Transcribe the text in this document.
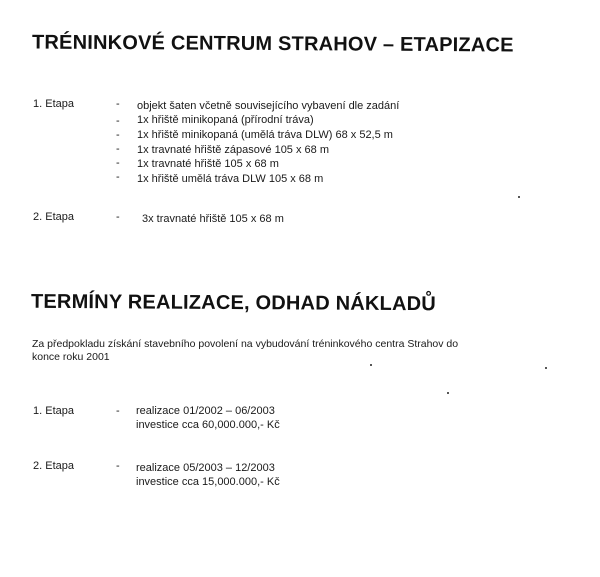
TRÉNINKOVÉ CENTRUM STRAHOV – ETAPIZACE
1. Etapa	- objekt šaten včetně souvisejícího vybavení dle zadání
- 1x hřiště minikopaná (přírodní tráva)
- 1x hřiště minikopaná (umělá tráva DLW) 68 x 52,5 m
- 1x travnaté hřiště zápasové 105 x 68 m
- 1x travnaté hřiště 105 x 68 m
- 1x hřiště umělá tráva DLW 105 x 68 m
2. Etapa	- 3x travnaté hřiště 105 x 68 m
TERMÍNY REALIZACE, ODHAD NÁKLADŮ
Za předpokladu získání stavebního povolení na vybudování tréninkového centra Strahov do
konce roku 2001
1. Etapa	- realizace 01/2002 – 06/2003
investice cca 60,000.000,- Kč
2. Etapa	- realizace 05/2003 – 12/2003
investice cca 15,000.000,- Kč
